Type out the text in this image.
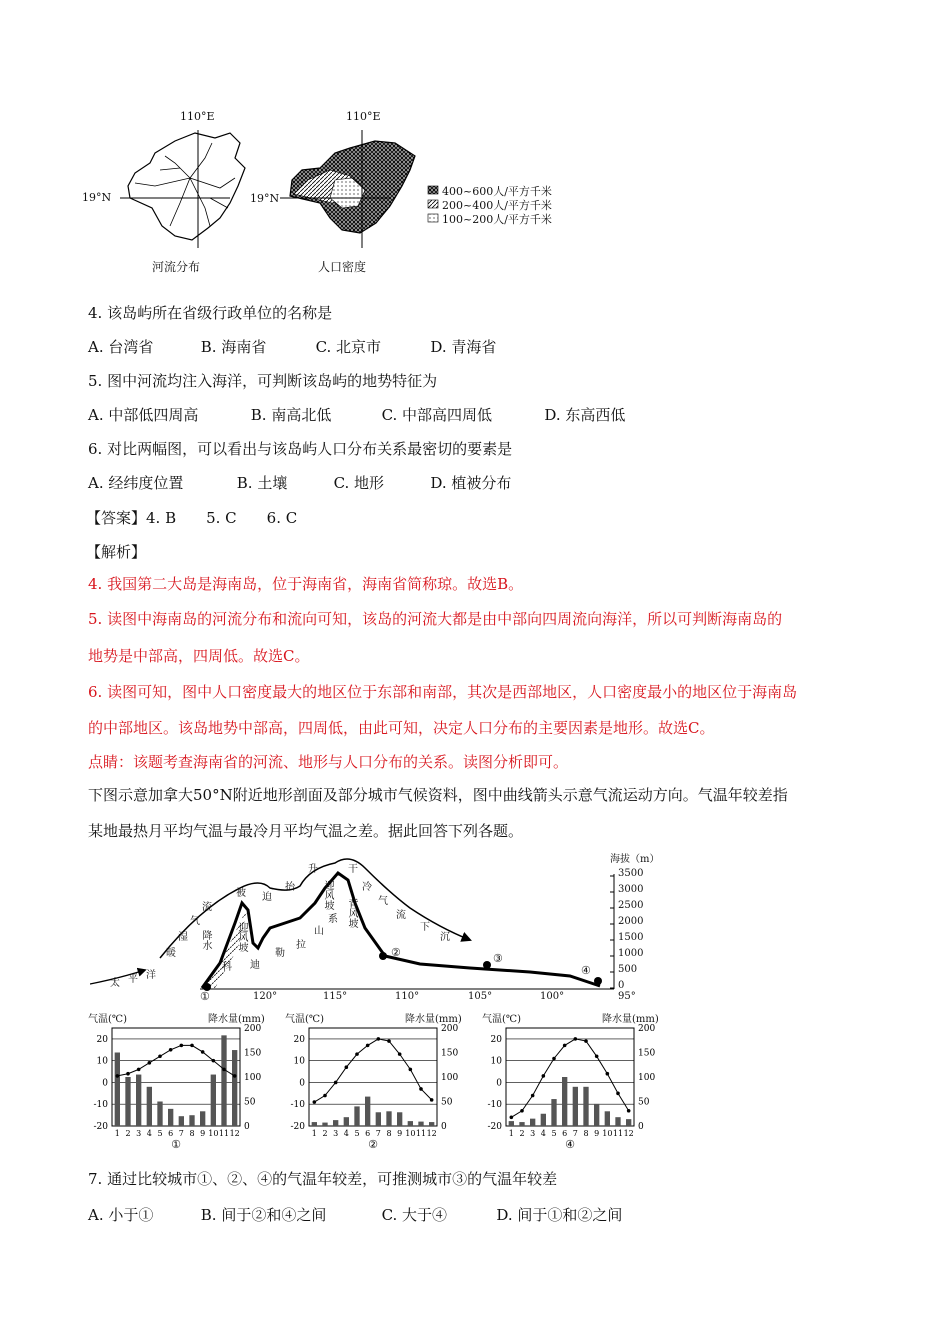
110°E	110°E
19°N	19°N
河流分布	人口密度
400~600人/平方千米
200~400人/平方千米
100~200人/平方千米
4. 该岛屿所在省级行政单位的名称是
A. 台湾省	B. 海南省	C. 北京市	D. 青海省
5. 图中河流均注入海洋，可判断该岛屿的地势特征为
A. 中部低四周高	B. 南高北低	C. 中部高四周低	D. 东高西低
6. 对比两幅图，可以看出与该岛屿人口分布关系最密切的要素是
A. 经纬度位置	B. 土壤	C. 地形	D. 植被分布
【答案】4. B　　5. C　　6. C
【解析】
4. 我国第二大岛是海南岛，位于海南省，海南省简称琼。故选B。
5. 读图中海南岛的河流分布和流向可知，该岛的河流大都是由中部向四周流向海洋，所以可判断海南岛的
地势是中部高，四周低。故选C。
6. 读图可知，图中人口密度最大的地区位于东部和南部，其次是西部地区，人口密度最小的地区位于海南岛
的中部地区。该岛地势中部高，四周低，由此可知，决定人口分布的主要因素是地形。故选C。
点睛：该题考查海南省的河流、地形与人口分布的关系。读图分析即可。
下图示意加拿大50°N附近地形剖面及部分城市气候资料，图中曲线箭头示意气流运动方向。气温年较差指
某地最热月平均气温与最冷月平均气温之差。据此回答下列各题。
海拔（m）
3500
3000
2500
2000
1500
1000
500
0
120°	115°	110°	105°	100°	95°
①
②	③
④
太 平 洋
暖
湿
气
流
被 迫
抬
升	干
冷
气
流
下
沉
科 迪
勒
拉
山
系
降水	迎风坡
迎风坡
背风坡
20
10
0
-10
-20
200
150
100
50
0
1 2 3 4 5 6 7 8 9 10 11 12
①
气温(℃)	降水量(mm)
20
10
0
-10
-20
200
150
100
50
0
1 2 3 4 5 6 7 8 9 10 11 12
②
气温(℃)	降水量(mm)
20
10
0
-10
-20
200
150
100
50
0
1 2 3 4 5 6 7 8 9 10 11 12
④
气温(℃)	降水量(mm)
7. 通过比较城市①、②、④的气温年较差，可推测城市③的气温年较差
A. 小于①	B. 间于②和④之间	C. 大于④	D. 间于①和②之间
